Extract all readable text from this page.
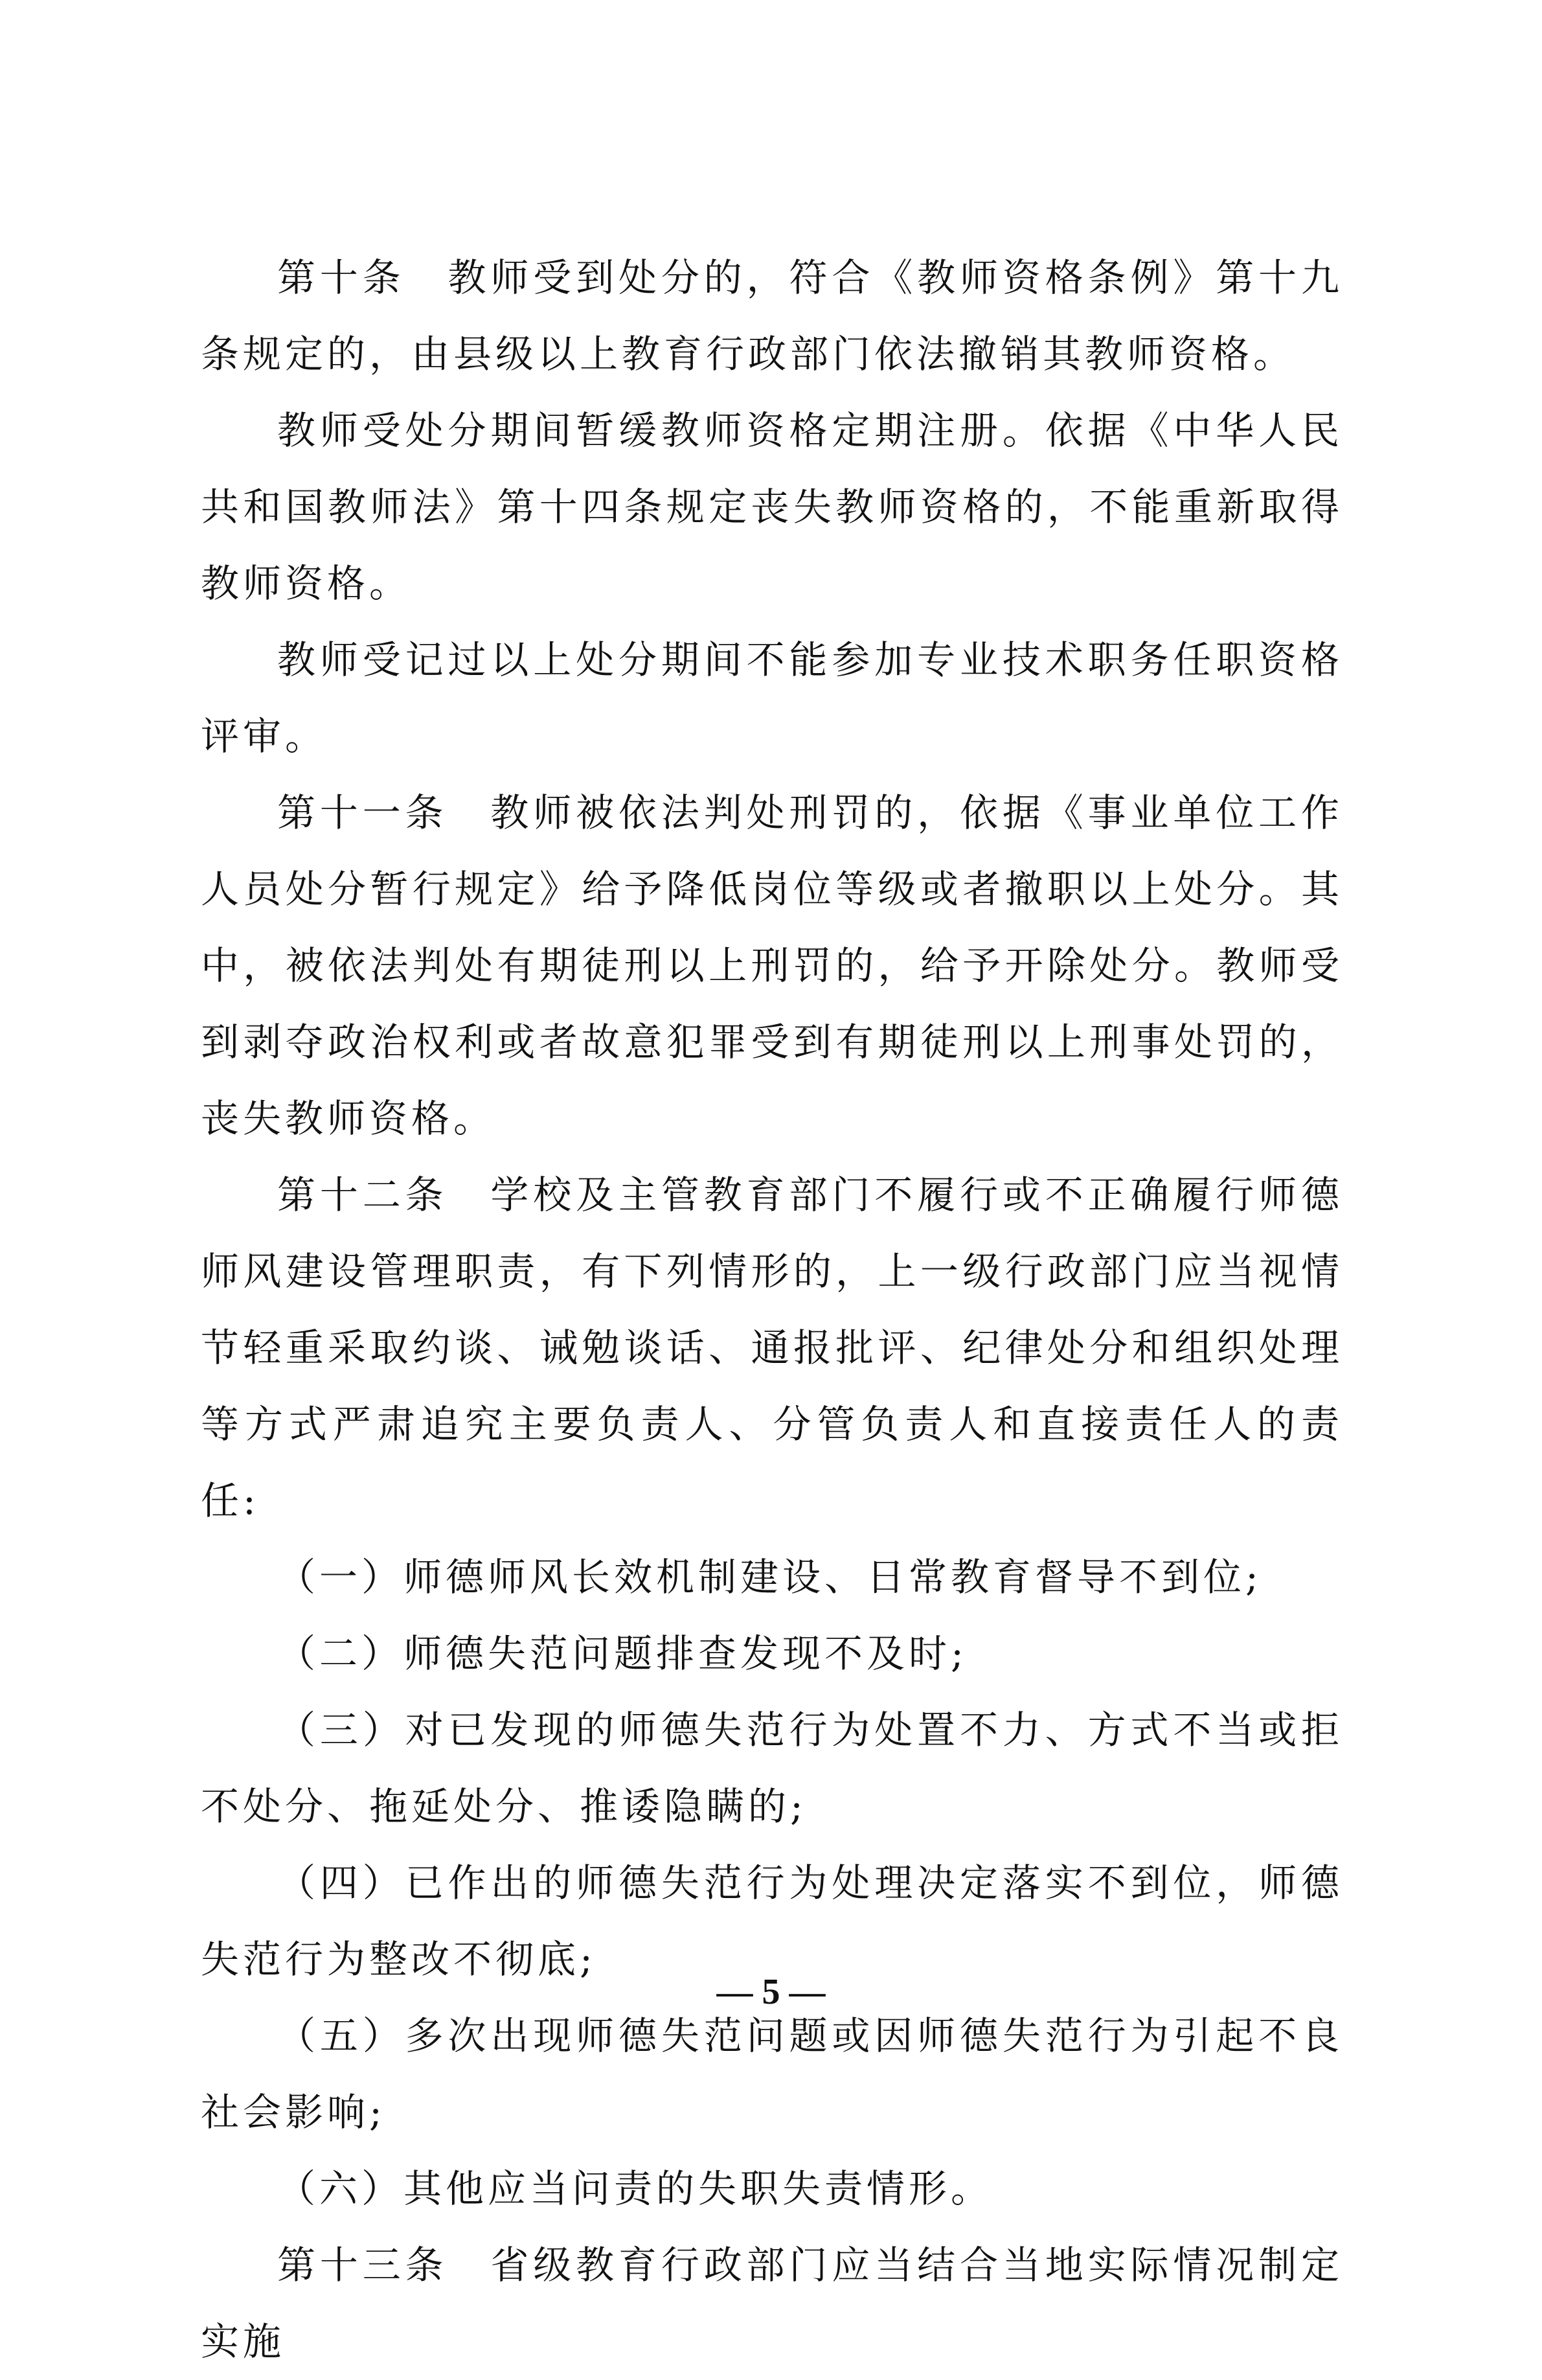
第十条　教师受到处分的，符合《教师资格条例》第十九条规定的，由县级以上教育行政部门依法撤销其教师资格。

教师受处分期间暂缓教师资格定期注册。依据《中华人民共和国教师法》第十四条规定丧失教师资格的，不能重新取得教师资格。

教师受记过以上处分期间不能参加专业技术职务任职资格评审。

第十一条　教师被依法判处刑罚的，依据《事业单位工作人员处分暂行规定》给予降低岗位等级或者撤职以上处分。其中，被依法判处有期徒刑以上刑罚的，给予开除处分。教师受到剥夺政治权利或者故意犯罪受到有期徒刑以上刑事处罚的，丧失教师资格。

第十二条　学校及主管教育部门不履行或不正确履行师德师风建设管理职责，有下列情形的，上一级行政部门应当视情节轻重采取约谈、诫勉谈话、通报批评、纪律处分和组织处理等方式严肃追究主要负责人、分管负责人和直接责任人的责任:

（一）师德师风长效机制建设、日常教育督导不到位;

（二）师德失范问题排查发现不及时;

（三）对已发现的师德失范行为处置不力、方式不当或拒不处分、拖延处分、推诿隐瞒的;

（四）已作出的师德失范行为处理决定落实不到位，师德失范行为整改不彻底;

（五）多次出现师德失范问题或因师德失范行为引起不良社会影响;

（六）其他应当问责的失职失责情形。

第十三条　省级教育行政部门应当结合当地实际情况制定实施

— 5 —
